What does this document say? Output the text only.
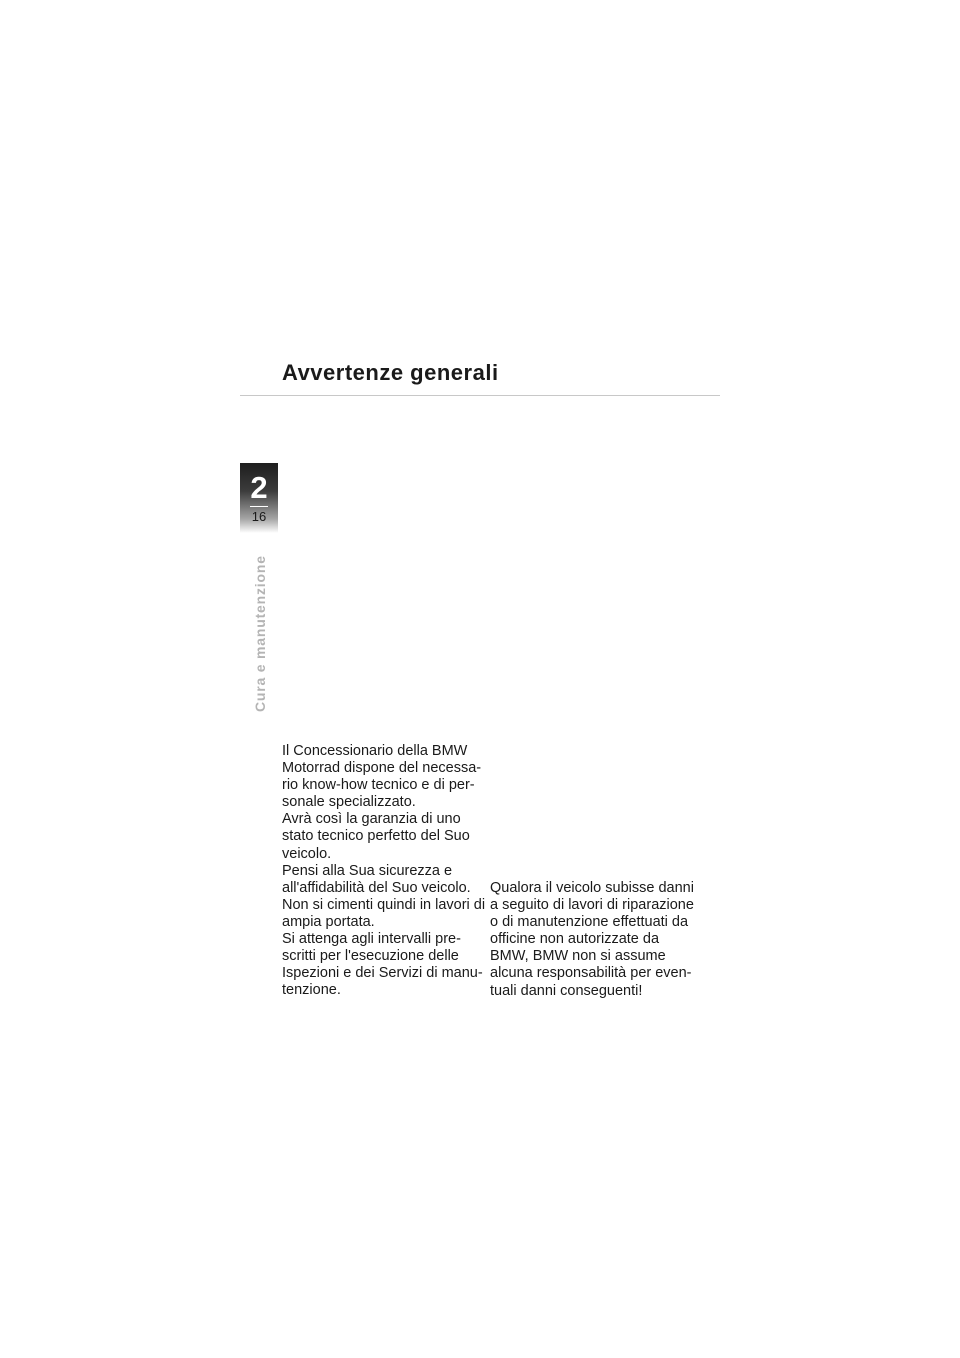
Avvertenze generali
2
16
Cura e manutenzione
Il Concessionario della BMW
Motorrad dispone del necessa-
rio know-how tecnico e di per-
sonale specializzato.
Avrà così la garanzia di uno
stato tecnico perfetto del Suo
veicolo.
Pensi alla Sua sicurezza e
all'affidabilità del Suo veicolo.
Non si cimenti quindi in lavori di
ampia portata.
Si attenga agli intervalli pre-
scritti per l'esecuzione delle
Ispezioni e dei Servizi di manu-
tenzione.
Qualora il veicolo subisse danni
a seguito di lavori di riparazione
o di manutenzione effettuati da
officine non autorizzate da
BMW, BMW non si assume
alcuna responsabilità per even-
tuali danni conseguenti!
